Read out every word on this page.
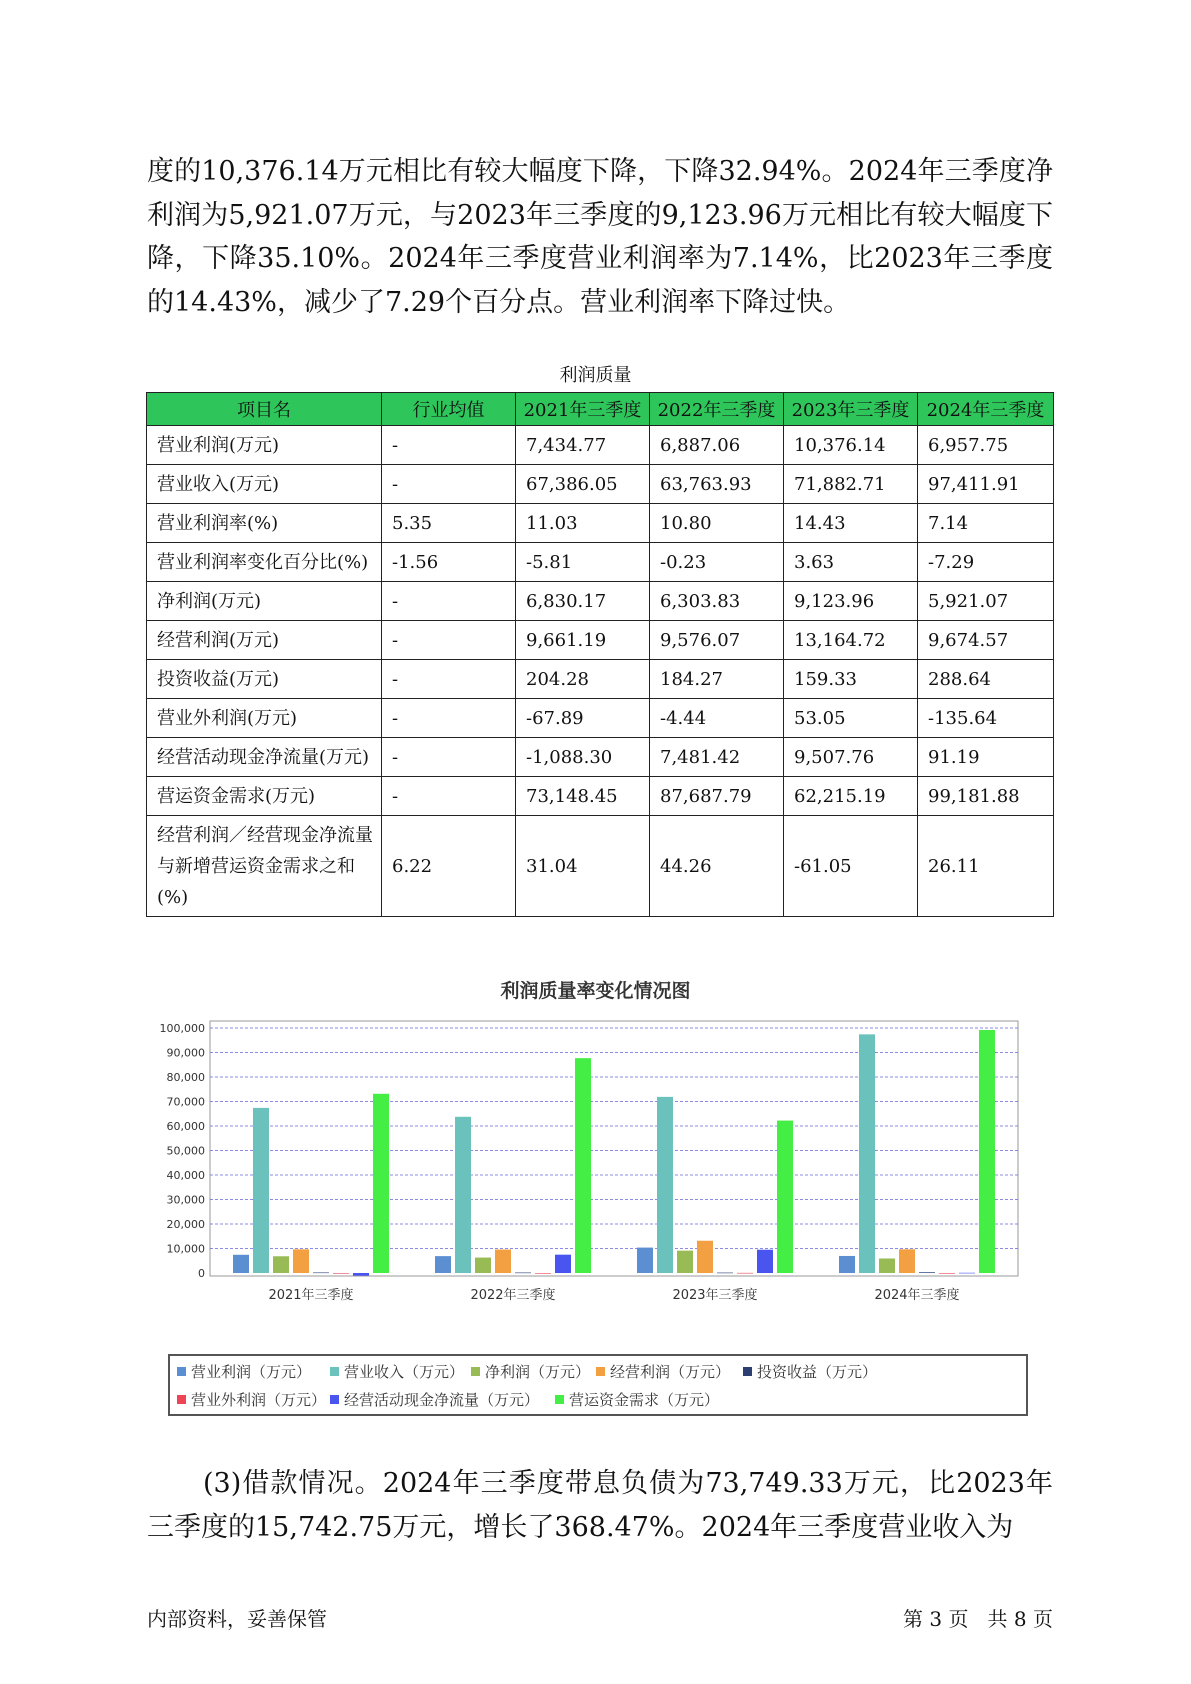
度的10,376.14万元相比有较大幅度下降，下降32.94%。2024年三季度净利润为5,921.07万元，与2023年三季度的9,123.96万元相比有较大幅度下降，下降35.10%。2024年三季度营业利润率为7.14%，比2023年三季度的14.43%，减少了7.29个百分点。营业利润率下降过快。

利润质量
项目名	行业均值	2021年三季度	2022年三季度	2023年三季度	2024年三季度
营业利润(万元)	-	7,434.77	6,887.06	10,376.14	6,957.75
营业收入(万元)	-	67,386.05	63,763.93	71,882.71	97,411.91
营业利润率(%)	5.35	11.03	10.80	14.43	7.14
营业利润率变化百分比(%)	-1.56	-5.81	-0.23	3.63	-7.29
净利润(万元)	-	6,830.17	6,303.83	9,123.96	5,921.07
经营利润(万元)	-	9,661.19	9,576.07	13,164.72	9,674.57
投资收益(万元)	-	204.28	184.27	159.33	288.64
营业外利润(万元)	-	-67.89	-4.44	53.05	-135.64
经营活动现金净流量(万元)	-	-1,088.30	7,481.42	9,507.76	91.19
营运资金需求(万元)	-	73,148.45	87,687.79	62,215.19	99,181.88
经营利润／经营现金净流量与新增营运资金需求之和(%)	6.22	31.04	44.26	-61.05	26.11
利润质量率变化情况图
0
10,000
20,000
30,000
40,000
50,000
60,000
70,000
80,000
90,000
100,000
2021年三季度	2022年三季度	2023年三季度	2024年三季度
营业利润（万元） 营业收入（万元） 净利润（万元） 经营利润（万元） 投资收益（万元）
营业外利润（万元） 经营活动现金净流量（万元） 营运资金需求（万元）

(3)借款情况。2024年三季度带息负债为73,749.33万元，比2023年三季度的15,742.75万元，增长了368.47%。2024年三季度营业收入为

内部资料，妥善保管	第 3 页   共 8 页
